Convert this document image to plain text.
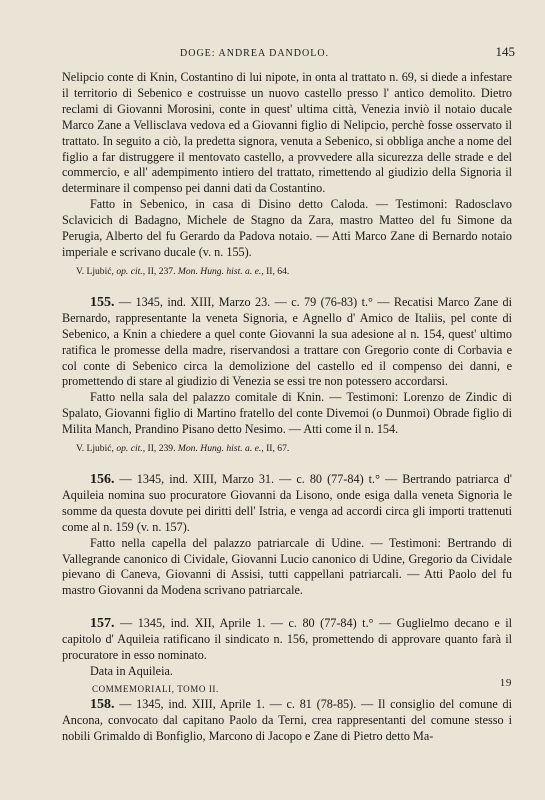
DOGE: ANDREA DANDOLO.	145

Nelipcio conte di Knin, Costantino di lui nipote, in onta al trattato n. 69, si diede a infestare il territorio di Sebenico e costruisse un nuovo castello presso l' antico demolito. Dietro reclami di Giovanni Morosini, conte in quest' ultima città, Venezia inviò il notaio ducale Marco Zane a Vellisclava vedova ed a Giovanni figlio di Nelipcio, perchè fosse osservato il trattato. In seguito a ciò, la predetta signora, venuta a Sebenico, si obbliga anche a nome del figlio a far distruggere il mentovato castello, a provvedere alla sicurezza delle strade e del commercio, e all' adempimento intiero del trattato, rimettendo al giudizio della Signoria il determinare il compenso pei danni dati da Costantino.

Fatto in Sebenico, in casa di Disino detto Caloda. — Testimoni: Radosclavo Sclavicich di Badagno, Michele de Stagno da Zara, mastro Matteo del fu Simone da Perugia, Alberto del fu Gerardo da Padova notaio. — Atti Marco Zane di Bernardo notaio imperiale e scrivano ducale (v. n. 155).

V. Ljubić, op. cit., II, 237. Mon. Hung. hist. a. e., II, 64.

155. — 1345, ind. XIII, Marzo 23. — c. 79 (76-83) t.° — Recatisi Marco Zane di Bernardo, rappresentante la veneta Signoria, e Agnello d' Amico de Italiis, pel conte di Sebenico, a Knin a chiedere a quel conte Giovanni la sua adesione al n. 154, quest' ultimo ratifica le promesse della madre, riservandosi a trattare con Gregorio conte di Corbavia e col conte di Sebenico circa la demolizione del castello ed il compenso dei danni, e promettendo di stare al giudizio di Venezia se essi tre non potessero accordarsi.

Fatto nella sala del palazzo comitale di Knin. — Testimoni: Lorenzo de Zindic di Spalato, Giovanni figlio di Martino fratello del conte Divemoi (o Dunmoi) Obrade figlio di Milita Manch, Prandino Pisano detto Nesimo. — Atti come il n. 154.

V. Ljubić, op. cit., II, 239. Mon. Hung. hist. a. e., II, 67.

156. — 1345, ind. XIII, Marzo 31. — c. 80 (77-84) t.° — Bertrando patriarca d' Aquileia nomina suo procuratore Giovanni da Lisono, onde esiga dalla veneta Signoria le somme da questa dovute pei diritti dell' Istria, e venga ad accordi circa gli importi trattenuti come al n. 159 (v. n. 157).

Fatto nella capella del palazzo patriarcale di Udine. — Testimoni: Bertrando di Vallegrande canonico di Cividale, Giovanni Lucio canonico di Udine, Gregorio da Cividale pievano di Caneva, Giovanni di Assisi, tutti cappellani patriarcali. — Atti Paolo del fu mastro Giovanni da Modena scrivano patriarcale.

157. — 1345, ind. XII, Aprile 1. — c. 80 (77-84) t.° — Guglielmo decano e il capitolo d' Aquileia ratificano il sindicato n. 156, promettendo di approvare quanto farà il procuratore in esso nominato.

Data in Aquileia.

158. — 1345, ind. XIII, Aprile 1. — c. 81 (78-85). — Il consiglio del comune di Ancona, convocato dal capitano Paolo da Terni, crea rappresentanti del comune stesso i nobili Grimaldo di Bonfiglio, Marcono di Jacopo e Zane di Pietro detto Ma-

COMMEMORIALI, TOMO II.	19
